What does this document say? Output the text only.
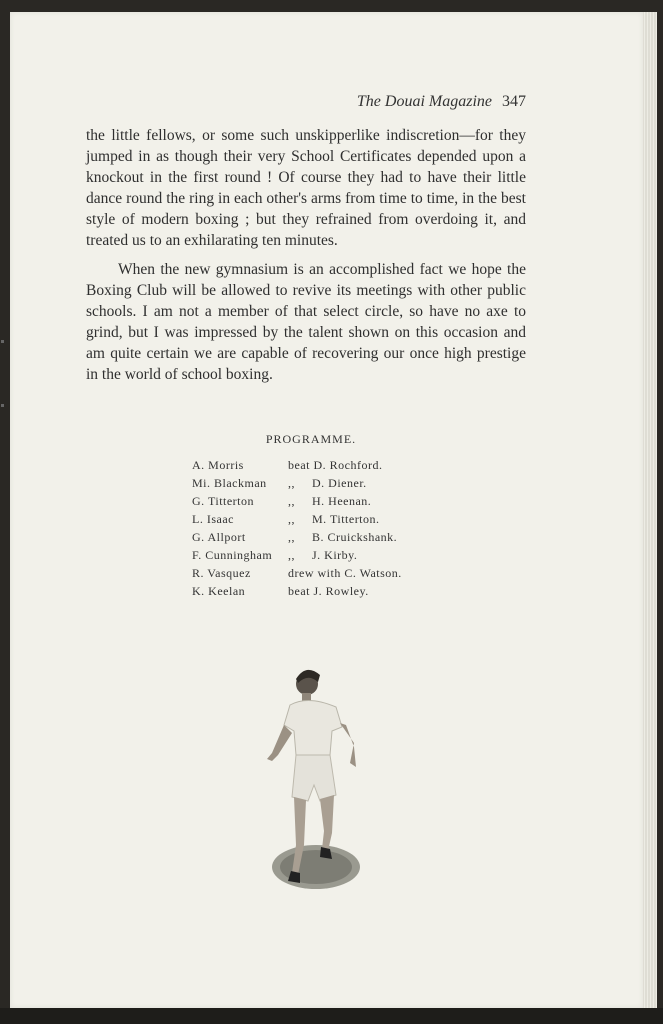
The Douai Magazine 347

the little fellows, or some such unskipperlike indiscretion—for they jumped in as though their very School Certificates depended upon a knockout in the first round ! Of course they had to have their little dance round the ring in each other's arms from time to time, in the best style of modern boxing ; but they refrained from overdoing it, and treated us to an exhilarating ten minutes.

When the new gymnasium is an accomplished fact we hope the Boxing Club will be allowed to revive its meetings with other public schools. I am not a member of that select circle, so have no axe to grind, but I was impressed by the talent shown on this occasion and am quite certain we are capable of recovering our once high prestige in the world of school boxing.

PROGRAMME.
A. Morris	beat D. Rochford.	
Mi. Blackman	,,	D. Diener.
G. Titterton	,,	H. Heenan.
L. Isaac	,,	M. Titterton.
G. Allport	,,	B. Cruickshank.
F. Cunningham	,,	J. Kirby.
R. Vasquez	drew with C. Watson.	
K. Keelan	beat J. Rowley.	
